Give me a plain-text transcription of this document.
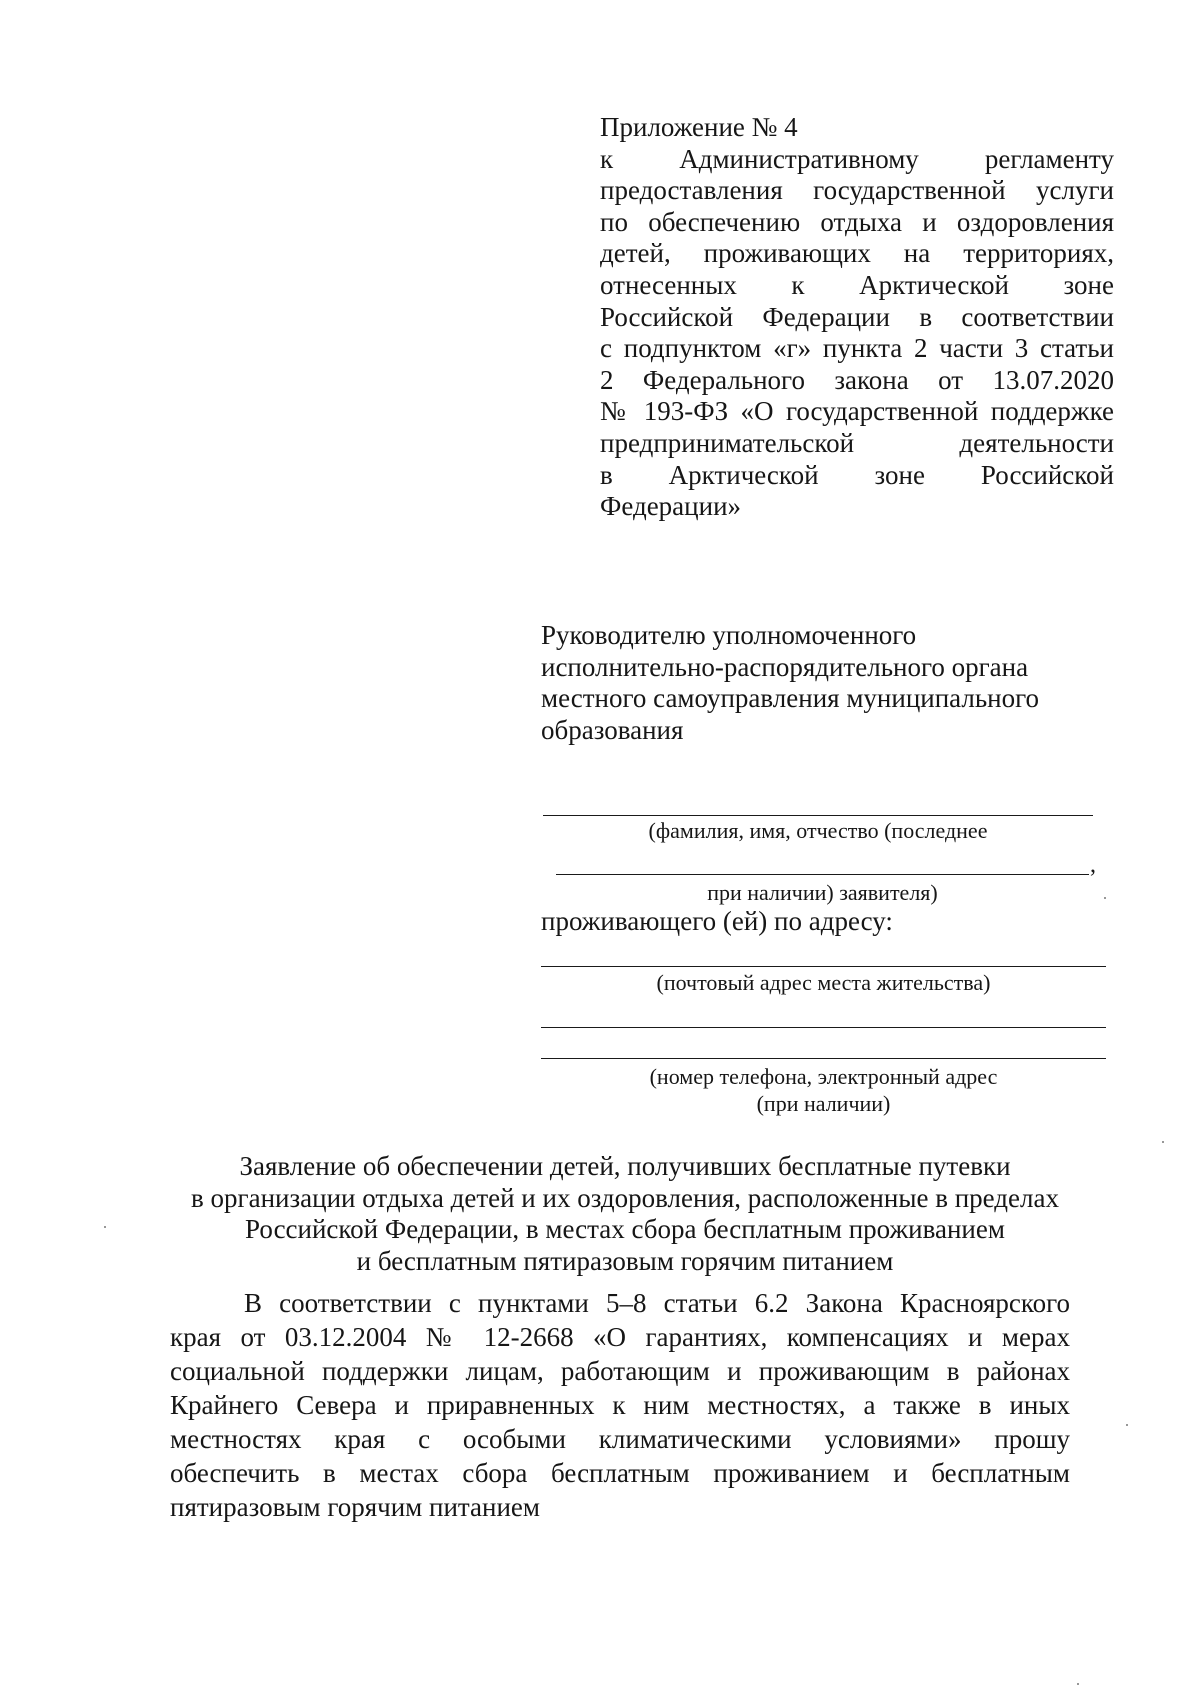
Приложение № 4
к Административному регламенту
предоставления государственной услуги
по обеспечению отдыха и оздоровления
детей, проживающих на территориях,
отнесенных к Арктической зоне
Российской Федерации в соответствии
с подпунктом «г» пункта 2 части 3 статьи
2 Федерального закона от 13.07.2020
№ 193-ФЗ «О государственной поддержке
предпринимательской деятельности
в Арктической зоне Российской
Федерации»
Руководителю уполномоченного
исполнительно-распорядительного органа
местного самоуправления муниципального
образования
(фамилия, имя, отчество (последнее
,
при наличии) заявителя)
проживающего (ей) по адресу:
(почтовый адрес места жительства)
(номер телефона, электронный адрес
(при наличии)
Заявление об обеспечении детей, получивших бесплатные путевки
в организации отдыха детей и их оздоровления, расположенные в пределах
Российской Федерации, в местах сбора бесплатным проживанием
и бесплатным пятиразовым горячим питанием
В соответствии с пунктами 5–8 статьи 6.2 Закона Красноярского
края от 03.12.2004 № 12-2668 «О гарантиях, компенсациях и мерах
социальной поддержки лицам, работающим и проживающим в районах
Крайнего Севера и приравненных к ним местностях, а также в иных
местностях края с особыми климатическими условиями» прошу
обеспечить в местах сбора бесплатным проживанием и бесплатным
пятиразовым горячим питанием
